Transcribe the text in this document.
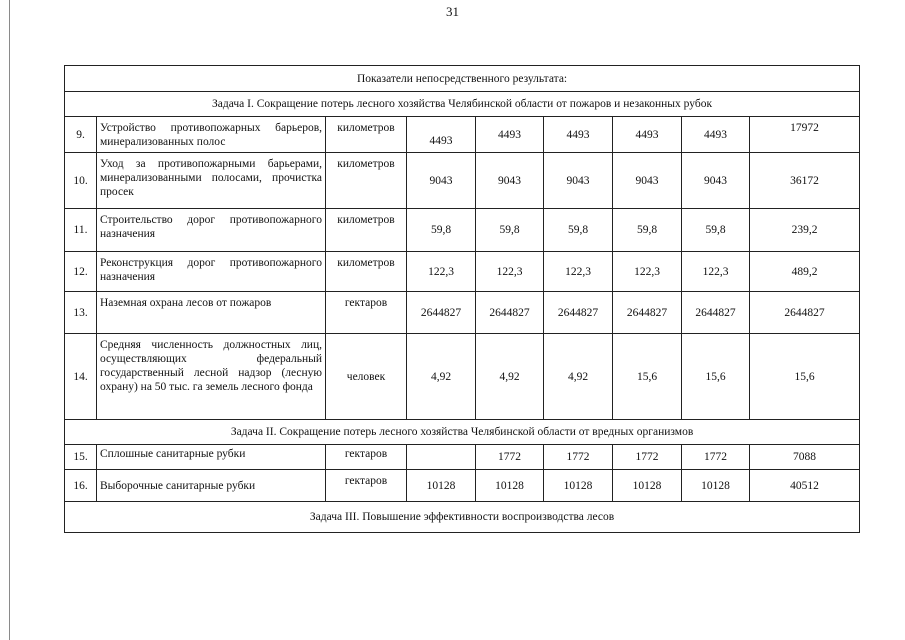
31
Показатели непосредственного результата:								
Задача I. Сокращение потерь лесного хозяйства Челябинской области от пожаров и незаконных рубок								
9.	Устройство противопожарных барьеров, минерализованных полос	километров	4493	4493	4493	4493	4493	17972
10.	Уход за противопожарными барьерами, минерализованными полосами, прочистка просек	километров	9043	9043	9043	9043	9043	36172
11.	Строительство дорог противопожарного назначения	километров	59,8	59,8	59,8	59,8	59,8	239,2
12.	Реконструкция дорог противопожарного назначения	километров	122,3	122,3	122,3	122,3	122,3	489,2
13.	Наземная охрана лесов от пожаров	гектаров	2644827	2644827	2644827	2644827	2644827	2644827
14.	Средняя численность должностных лиц, осуществляющих федеральный государственный лесной надзор (лесную охрану) на 50 тыс. га земель лесного фонда	человек	4,92	4,92	4,92	15,6	15,6	15,6
Задача II. Сокращение потерь лесного хозяйства Челябинской области от вредных организмов								
15.	Сплошные санитарные рубки	гектаров		1772	1772	1772	1772	7088
16.	Выборочные санитарные рубки	гектаров	10128	10128	10128	10128	10128	40512
Задача III. Повышение эффективности воспроизводства лесов								
